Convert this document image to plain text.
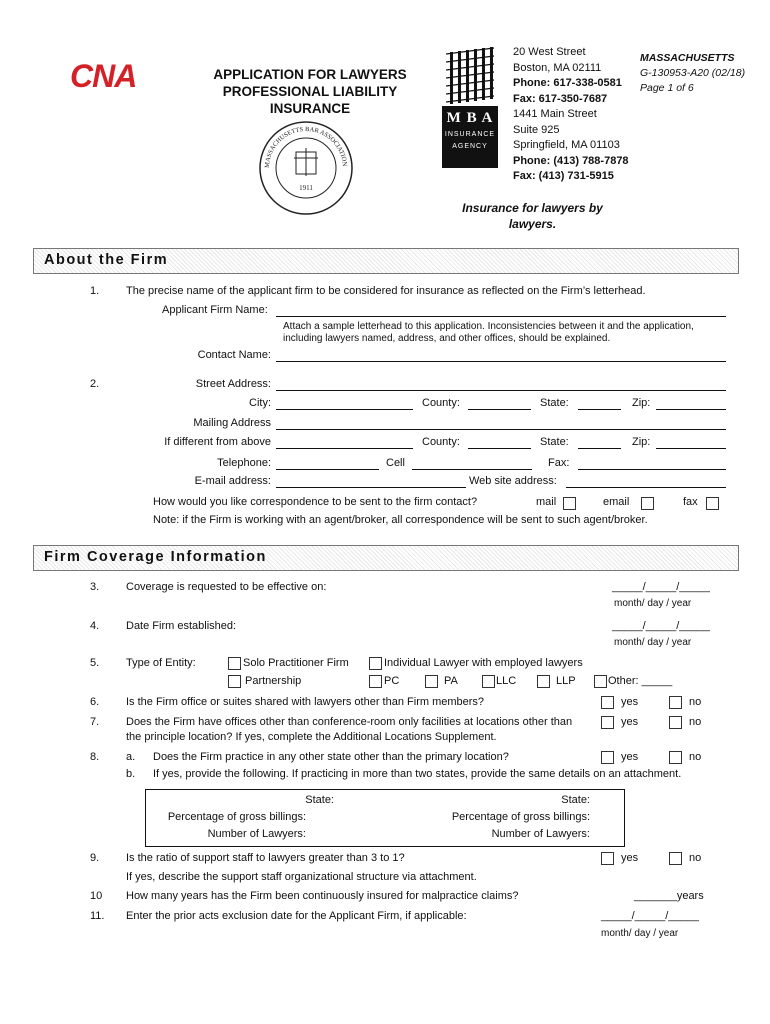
CNA	APPLICATION FOR LAWYERS
PROFESSIONAL LIABILITY
INSURANCE
MASSACHUSETTS BAR ASSOCIATION
1911
M B A
INSURANCE
AGENCY
20 West Street
Boston, MA 02111
Phone: 617-338-0581
Fax: 617-350-7687
1441 Main Street
Suite 925
Springfield, MA 01103
Phone: (413) 788-7878
Fax: (413) 731-5915
MASSACHUSETTS
G-130953-A20 (02/18)
Page 1 of 6
Insurance for lawyers by lawyers.
About the Firm
1. The precise name of the applicant firm to be considered for insurance as reflected on the Firm’s letterhead.
Applicant Firm Name:
Attach a sample letterhead to this application. Inconsistencies between it and the application,
including lawyers named, address, and other offices, should be explained.
Contact Name:
2.	Street Address:
City:	County:	State:	Zip:
Mailing Address
If different from above	County:	State:	Zip:
Telephone:	Cell	Fax:
E-mail address:	Web site address:
How would you like correspondence to be sent to the firm contact?	mail	email	fax
Note: if the Firm is working with an agent/broker, all correspondence will be sent to such agent/broker.
Firm Coverage Information
3. Coverage is requested to be effective on:	_____/_____/_____
month/ day / year
4. Date Firm established:	_____/_____/_____
month/ day / year
5. Type of Entity:	Solo Practitioner Firm	Individual Lawyer with employed lawyers
Partnership	PC	PA	LLC	LLP	Other: _____
6. Is the Firm office or suites shared with lawyers other than Firm members?	yes	no
7. Does the Firm have offices other than conference-room only facilities at locations other than
the principle location? If yes, complete the Additional Locations Supplement.
yes	no
8. a. Does the Firm practice in any other state other than the primary location?	yes	no
b. If yes, provide the following. If practicing in more than two states, provide the same details on an attachment.
State:
Percentage of gross billings:
Number of Lawyers:
State:
Percentage of gross billings:
Number of Lawyers:
9. Is the ratio of support staff to lawyers greater than 3 to 1?	yes	no
If yes, describe the support staff organizational structure via attachment.
10 How many years has the Firm been continuously insured for malpractice claims?	_______years
11. Enter the prior acts exclusion date for the Applicant Firm, if applicable:	_____/_____/_____
month/ day / year
